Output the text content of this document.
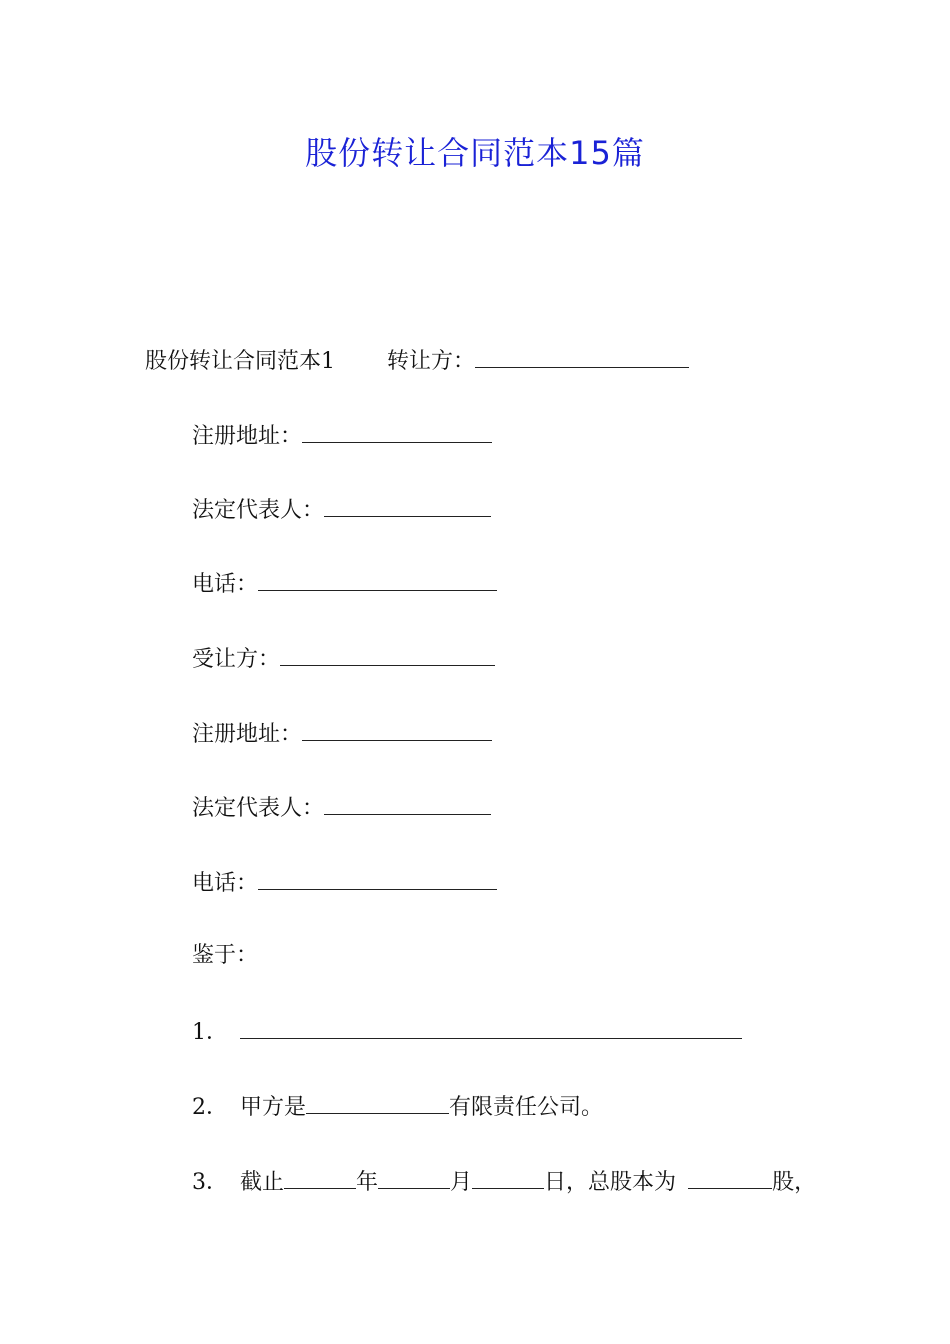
股份转让合同范本15篇
股份转让合同范本1 转让方：
注册地址：
法定代表人：
电话：
受让方：
注册地址：
法定代表人：
电话：
鉴于：
1．
2． 甲方是	有限责任公司。
3． 截止	年	月	日，总股本为	股，
